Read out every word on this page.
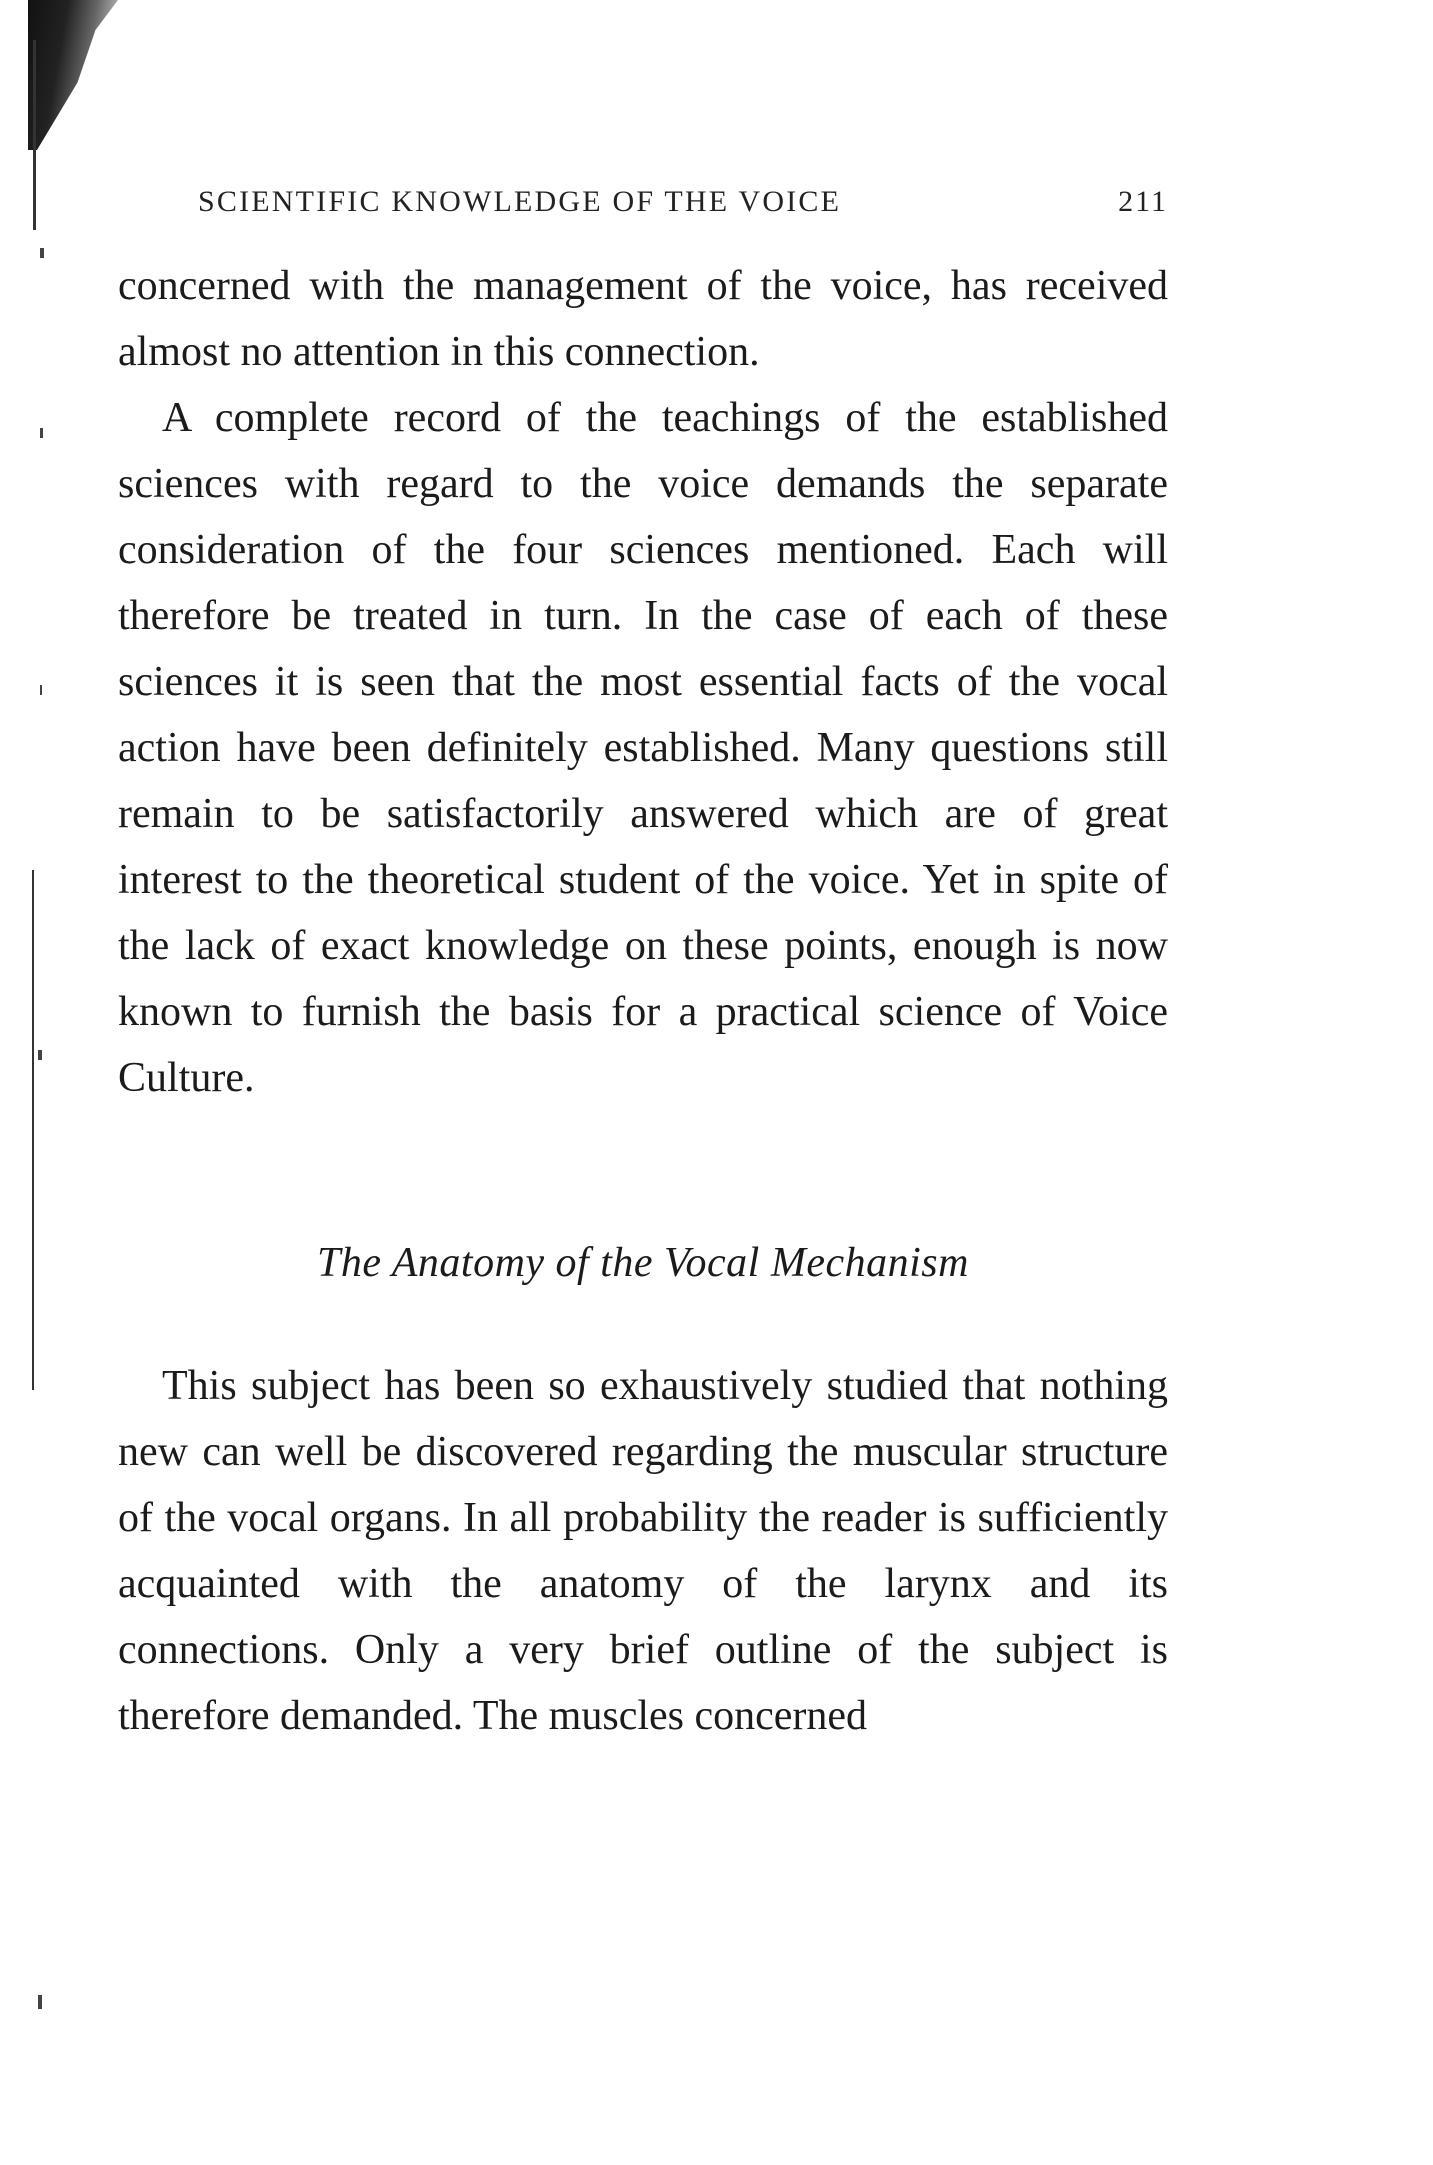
SCIENTIFIC KNOWLEDGE OF THE VOICE	211

concerned with the management of the voice, has received almost no attention in this connection.

A complete record of the teachings of the established sciences with regard to the voice demands the separate consideration of the four sciences mentioned. Each will therefore be treated in turn. In the case of each of these sciences it is seen that the most essential facts of the vocal action have been definitely established. Many questions still remain to be satisfactorily answered which are of great interest to the theoretical student of the voice. Yet in spite of the lack of exact knowledge on these points, enough is now known to furnish the basis for a practical science of Voice Culture.

The Anatomy of the Vocal Mechanism

This subject has been so exhaustively studied that nothing new can well be discovered regarding the muscular structure of the vocal organs. In all probability the reader is sufficiently acquainted with the anatomy of the larynx and its connections. Only a very brief outline of the subject is therefore demanded. The muscles concerned
